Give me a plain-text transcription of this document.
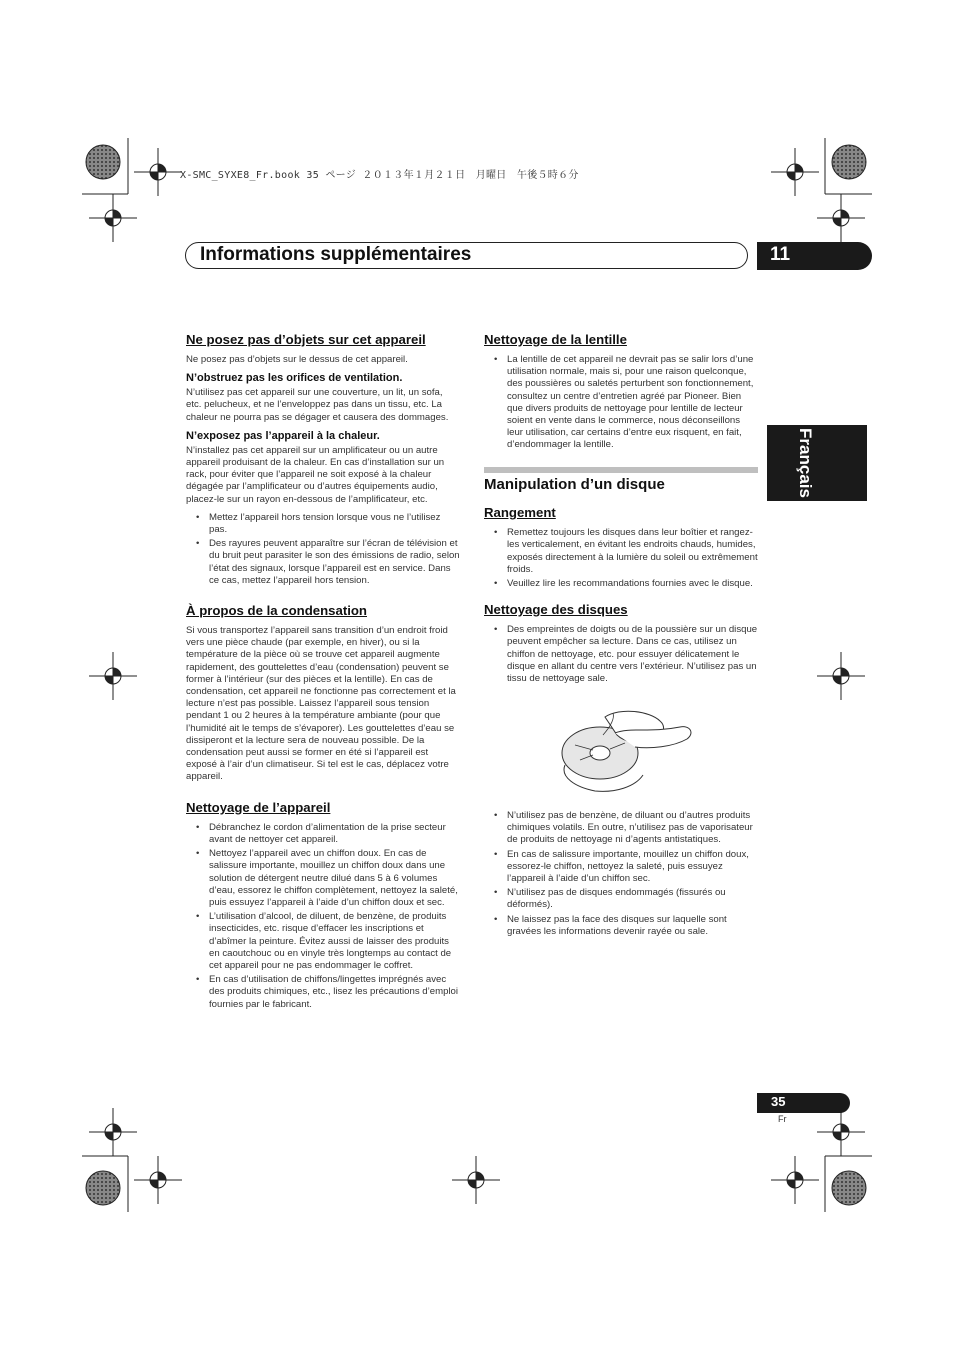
X-SMC_SYXE8_Fr.book 35 ページ ２０１３年１月２１日　月曜日　午後５時６分
Informations supplémentaires	11
Français
Ne posez pas d’objets sur cet appareil

Ne posez pas d’objets sur le dessus de cet appareil.

N’obstruez pas les orifices de ventilation.

N’utilisez pas cet appareil sur une couverture, un lit, un sofa, etc. pelucheux, et ne l’enveloppez pas dans un tissu, etc. La chaleur ne pourra pas se dégager et causera des dommages.

N’exposez pas l’appareil à la chaleur.

N’installez pas cet appareil sur un amplificateur ou un autre appareil produisant de la chaleur. En cas d’installation sur un rack, pour éviter que l’appareil ne soit exposé à la chaleur dégagée par l’amplificateur ou d’autres équipements audio, placez-le sur un rayon en-dessous de l’amplificateur, etc.

• Mettez l’appareil hors tension lorsque vous ne l’utilisez pas.
• Des rayures peuvent apparaître sur l’écran de télévision et du bruit peut parasiter le son des émissions de radio, selon l’état des signaux, lorsque l’appareil est en service. Dans ce cas, mettez l’appareil hors tension.
À propos de la condensation

Si vous transportez l’appareil sans transition d’un endroit froid vers une pièce chaude (par exemple, en hiver), ou si la température de la pièce où se trouve cet appareil augmente rapidement, des gouttelettes d’eau (condensation) peuvent se former à l’intérieur (sur des pièces et la lentille). En cas de condensation, cet appareil ne fonctionne pas correctement et la lecture n’est pas possible. Laissez l’appareil sous tension pendant 1 ou 2 heures à la température ambiante (pour que l’humidité ait le temps de s’évaporer). Les gouttelettes d’eau se dissiperont et la lecture sera de nouveau possible. De la condensation peut aussi se former en été si l’appareil est exposé à l’air d’un climatiseur. Si tel est le cas, déplacez votre appareil.

Nettoyage de l’appareil
• Débranchez le cordon d’alimentation de la prise secteur avant de nettoyer cet appareil.
• Nettoyez l’appareil avec un chiffon doux. En cas de salissure importante, mouillez un chiffon doux dans une solution de détergent neutre dilué dans 5 à 6 volumes d’eau, essorez le chiffon complètement, nettoyez la saleté, puis essuyez l’appareil à l’aide d’un chiffon doux et sec.
• L’utilisation d’alcool, de diluent, de benzène, de produits insecticides, etc. risque d’effacer les inscriptions et d’abîmer la peinture. Évitez aussi de laisser des produits en caoutchouc ou en vinyle très longtemps au contact de cet appareil pour ne pas endommager le coffret.
• En cas d’utilisation de chiffons/lingettes imprégnés avec des produits chimiques, etc., lisez les précautions d’emploi fournies par le fabricant.
Nettoyage de la lentille
• La lentille de cet appareil ne devrait pas se salir lors d’une utilisation normale, mais si, pour une raison quelconque, des poussières ou saletés perturbent son fonctionnement, consultez un centre d’entretien agréé par Pioneer. Bien que divers produits de nettoyage pour lentille de lecteur soient en vente dans le commerce, nous déconseillons leur utilisation, car certains d’entre eux risquent, en fait, d’endommager la lentille.
Manipulation d’un disque
Rangement
• Remettez toujours les disques dans leur boîtier et rangez-les verticalement, en évitant les endroits chauds, humides, exposés directement à la lumière du soleil ou extrêmement froids.
• Veuillez lire les recommandations fournies avec le disque.
Nettoyage des disques
• Des empreintes de doigts ou de la poussière sur un disque peuvent empêcher sa lecture. Dans ce cas, utilisez un chiffon de nettoyage, etc. pour essuyer délicatement le disque en allant du centre vers l’extérieur. N’utilisez pas un tissu de nettoyage sale.
• N’utilisez pas de benzène, de diluant ou d’autres produits chimiques volatils. En outre, n’utilisez pas de vaporisateur de produits de nettoyage ni d’agents antistatiques.
• En cas de salissure importante, mouillez un chiffon doux, essorez-le chiffon, nettoyez la saleté, puis essuyez l’appareil à l’aide d’un chiffon sec.
• N’utilisez pas de disques endommagés (fissurés ou déformés).
• Ne laissez pas la face des disques sur laquelle sont gravées les informations devenir rayée ou sale.
35
Fr
